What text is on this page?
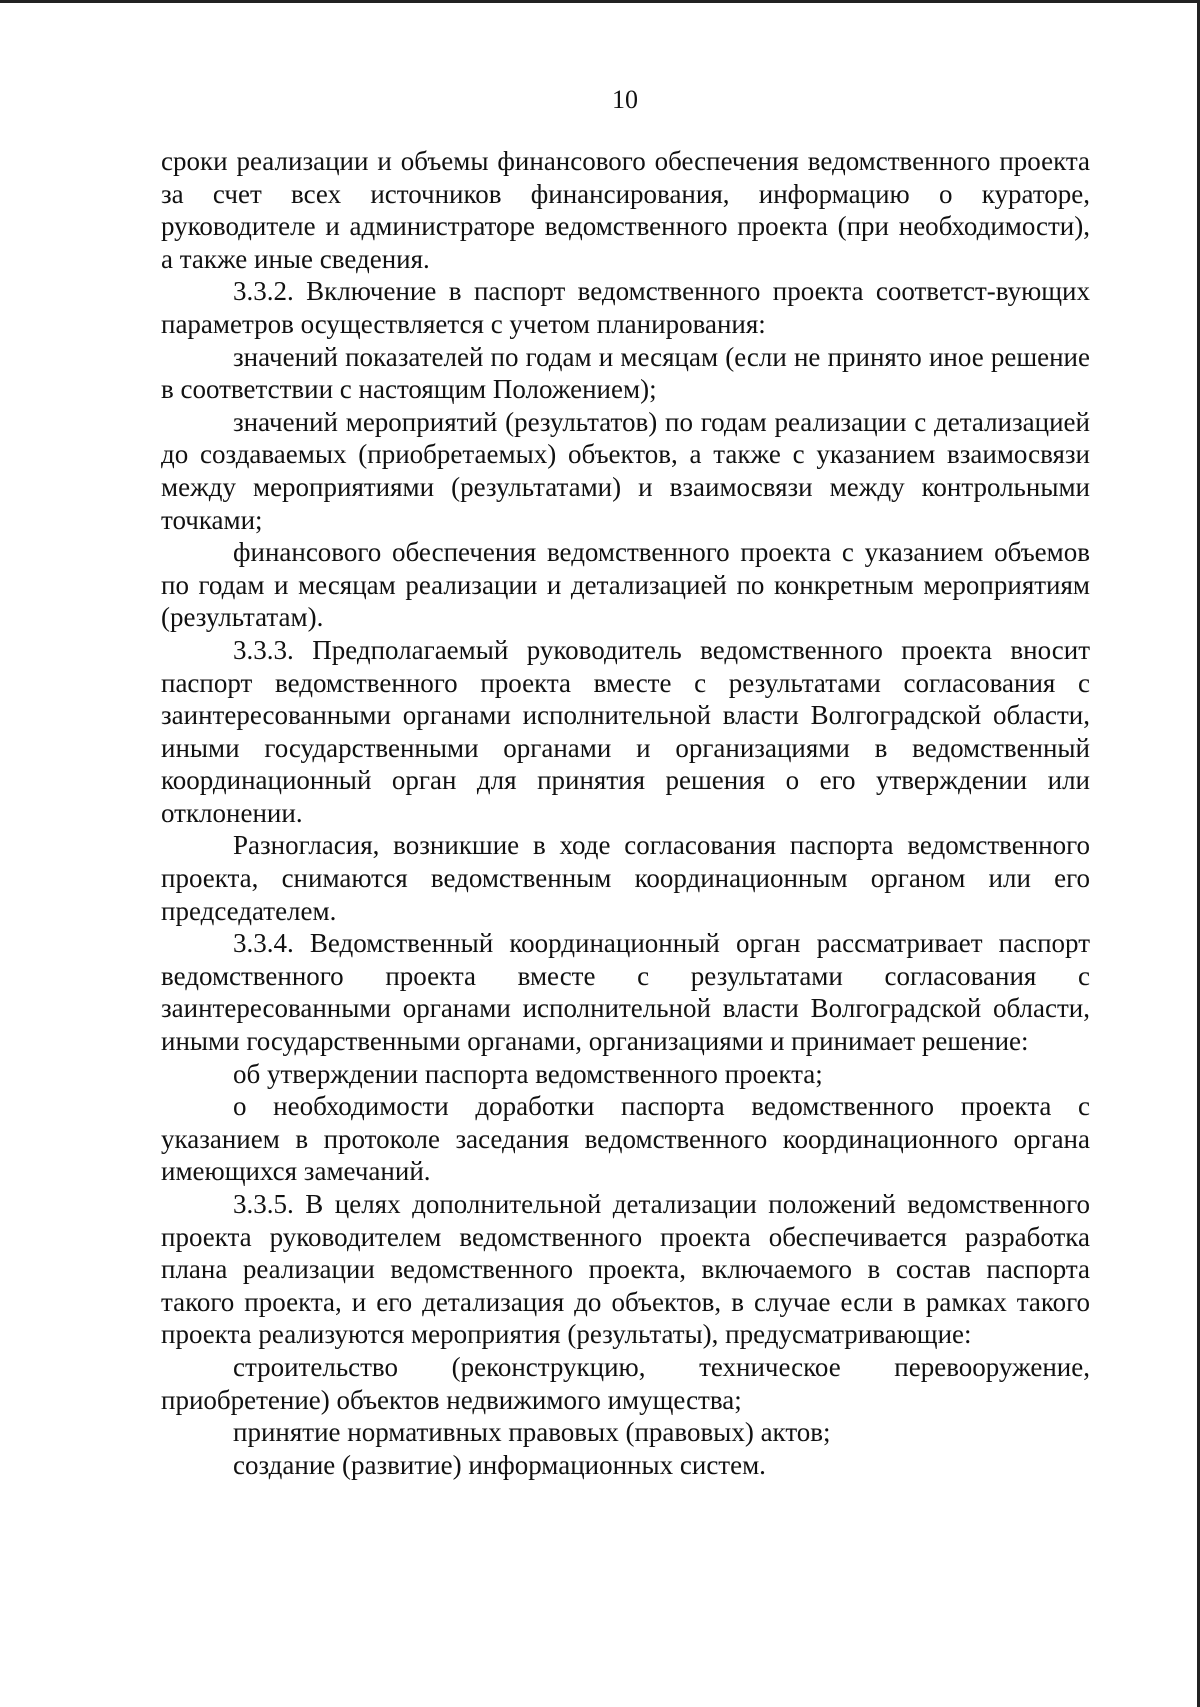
10

сроки реализации и объемы финансового обеспечения ведомственного проекта за счет всех источников финансирования, информацию о кураторе, руководителе и администраторе ведомственного проекта (при необходимости), а также иные сведения.

3.3.2. Включение в паспорт ведомственного проекта соответст-вующих параметров осуществляется с учетом планирования:

значений показателей по годам и месяцам (если не принято иное решение в соответствии с настоящим Положением);

значений мероприятий (результатов) по годам реализации с детализацией до создаваемых (приобретаемых) объектов, а также с указанием взаимосвязи между мероприятиями (результатами) и взаимосвязи между контрольными точками;

финансового обеспечения ведомственного проекта с указанием объемов по годам и месяцам реализации и детализацией по конкретным мероприятиям (результатам).

3.3.3. Предполагаемый руководитель ведомственного проекта вносит паспорт ведомственного проекта вместе с результатами согласования с заинтересованными органами исполнительной власти Волгоградской области, иными государственными органами и организациями в ведомственный координационный орган для принятия решения о его утверждении или отклонении.

Разногласия, возникшие в ходе согласования паспорта ведомственного проекта, снимаются ведомственным координационным органом или его председателем.

3.3.4. Ведомственный координационный орган рассматривает паспорт ведомственного проекта вместе с результатами согласования с заинтересованными органами исполнительной власти Волгоградской области, иными государственными органами, организациями и принимает решение:

об утверждении паспорта ведомственного проекта;

о необходимости доработки паспорта ведомственного проекта с указанием в протоколе заседания ведомственного координационного органа имеющихся замечаний.

3.3.5. В целях дополнительной детализации положений ведомственного проекта руководителем ведомственного проекта обеспечивается разработка плана реализации ведомственного проекта, включаемого в состав паспорта такого проекта, и его детализация до объектов, в случае если в рамках такого проекта реализуются мероприятия (результаты), предусматривающие:

строительство (реконструкцию, техническое перевооружение, приобретение) объектов недвижимого имущества;

принятие нормативных правовых (правовых) актов;

создание (развитие) информационных систем.
